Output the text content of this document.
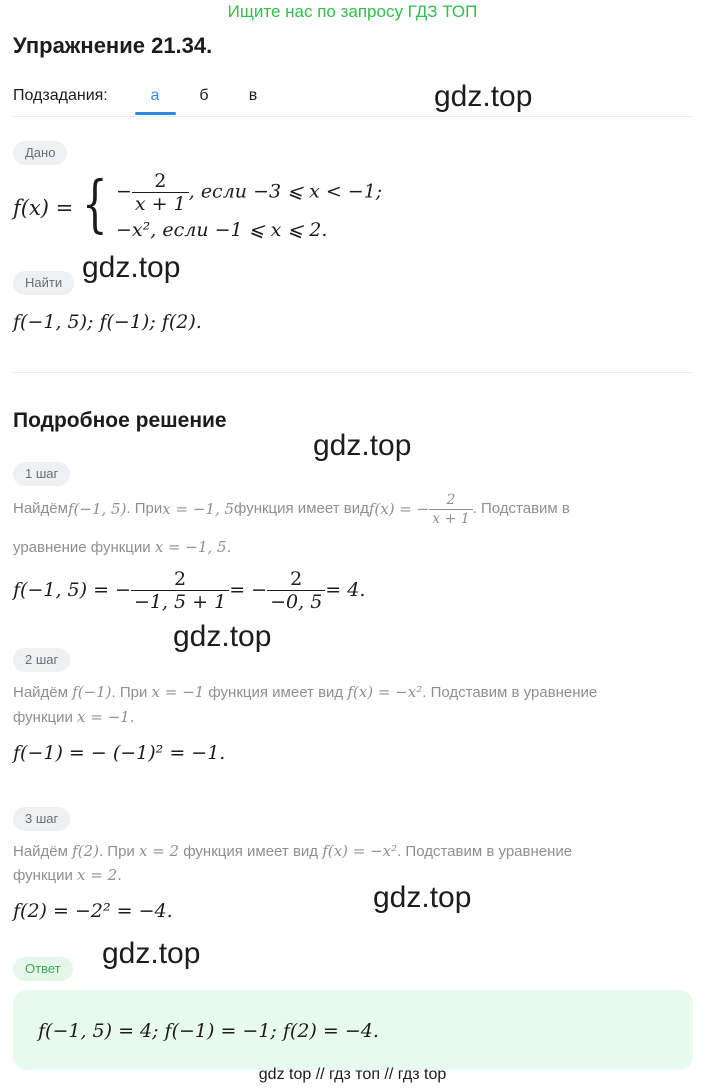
Ищите нас по запросу ГДЗ ТОП
Упражнение 21.34.
Подзадания:	а	б	в	gdz.top
gdz.top
gdz.top
gdz.top
gdz.top
gdz.top
Дано
f(x) = { − $\frac{2}{x + 1}$ , если −3 ⩽ x < −1;
−x², если −1 ⩽ x ⩽ 2.
Найти
f(−1, 5); f(−1); f(2).
Подробное решение
1 шаг
Найдём f(−1, 5) . При x = −1, 5 функция имеет вид f(x) = − $\frac{2}{x + 1}$ . Подставим в
уравнение функции x = −1, 5.
f(−1, 5) = − $\frac{2}{-1, 5 + 1}$ = − $\frac{2}{-0, 5} = 4$.
2 шаг
Найдём f(−1). При x = −1 функция имеет вид f(x) = −x². Подставим в уравнение
функции x = −1.
f(−1) = − (−1)² = −1.
3 шаг
Найдём f(2). При x = 2 функция имеет вид f(x) = −x². Подставим в уравнение
функции x = 2.
f(2) = −2² = −4.
Ответ
f(−1, 5) = 4; f(−1) = −1; f(2) = −4.
gdz top // гдз топ // гдз top
